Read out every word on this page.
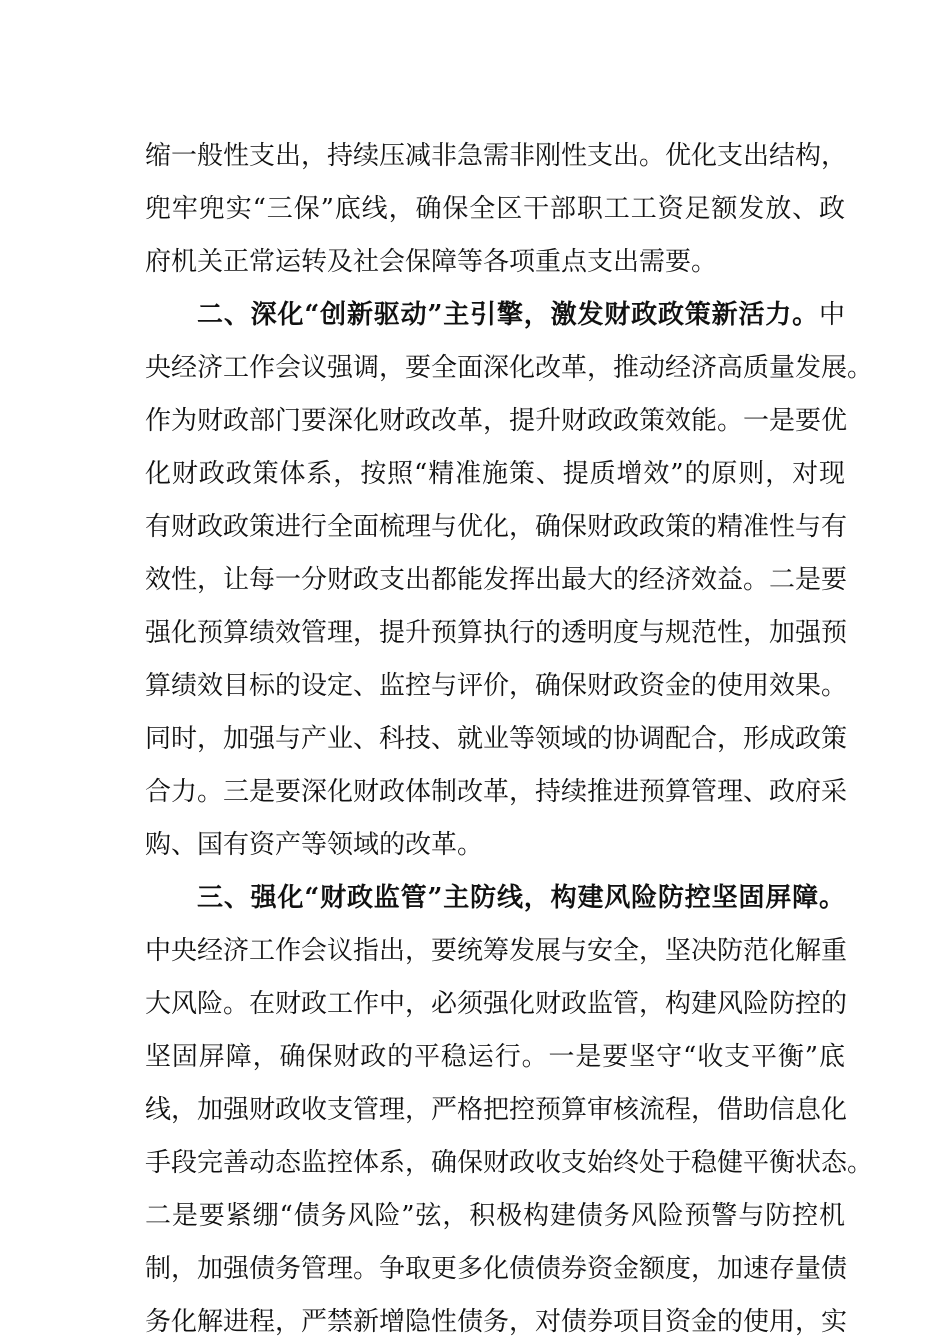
缩一般性支出，持续压减非急需非刚性支出。优化支出结构，
兜牢兜实“三保”底线，确保全区干部职工工资足额发放、政
府机关正常运转及社会保障等各项重点支出需要。
二、深化“创新驱动”主引擎，激发财政政策新活力。中
央经济工作会议强调，要全面深化改革，推动经济高质量发展。
作为财政部门要深化财政改革，提升财政政策效能。一是要优
化财政政策体系，按照“精准施策、提质增效”的原则，对现
有财政政策进行全面梳理与优化，确保财政政策的精准性与有
效性，让每一分财政支出都能发挥出最大的经济效益。二是要
强化预算绩效管理，提升预算执行的透明度与规范性，加强预
算绩效目标的设定、监控与评价，确保财政资金的使用效果。
同时，加强与产业、科技、就业等领域的协调配合，形成政策
合力。三是要深化财政体制改革，持续推进预算管理、政府采
购、国有资产等领域的改革。
三、强化“财政监管”主防线，构建风险防控坚固屏障。
中央经济工作会议指出，要统筹发展与安全，坚决防范化解重
大风险。在财政工作中，必须强化财政监管，构建风险防控的
坚固屏障，确保财政的平稳运行。一是要坚守“收支平衡”底
线，加强财政收支管理，严格把控预算审核流程，借助信息化
手段完善动态监控体系，确保财政收支始终处于稳健平衡状态。
二是要紧绷“债务风险”弦，积极构建债务风险预警与防控机
制，加强债务管理。争取更多化债债券资金额度，加速存量债
务化解进程，严禁新增隐性债务，对债券项目资金的使用，实
